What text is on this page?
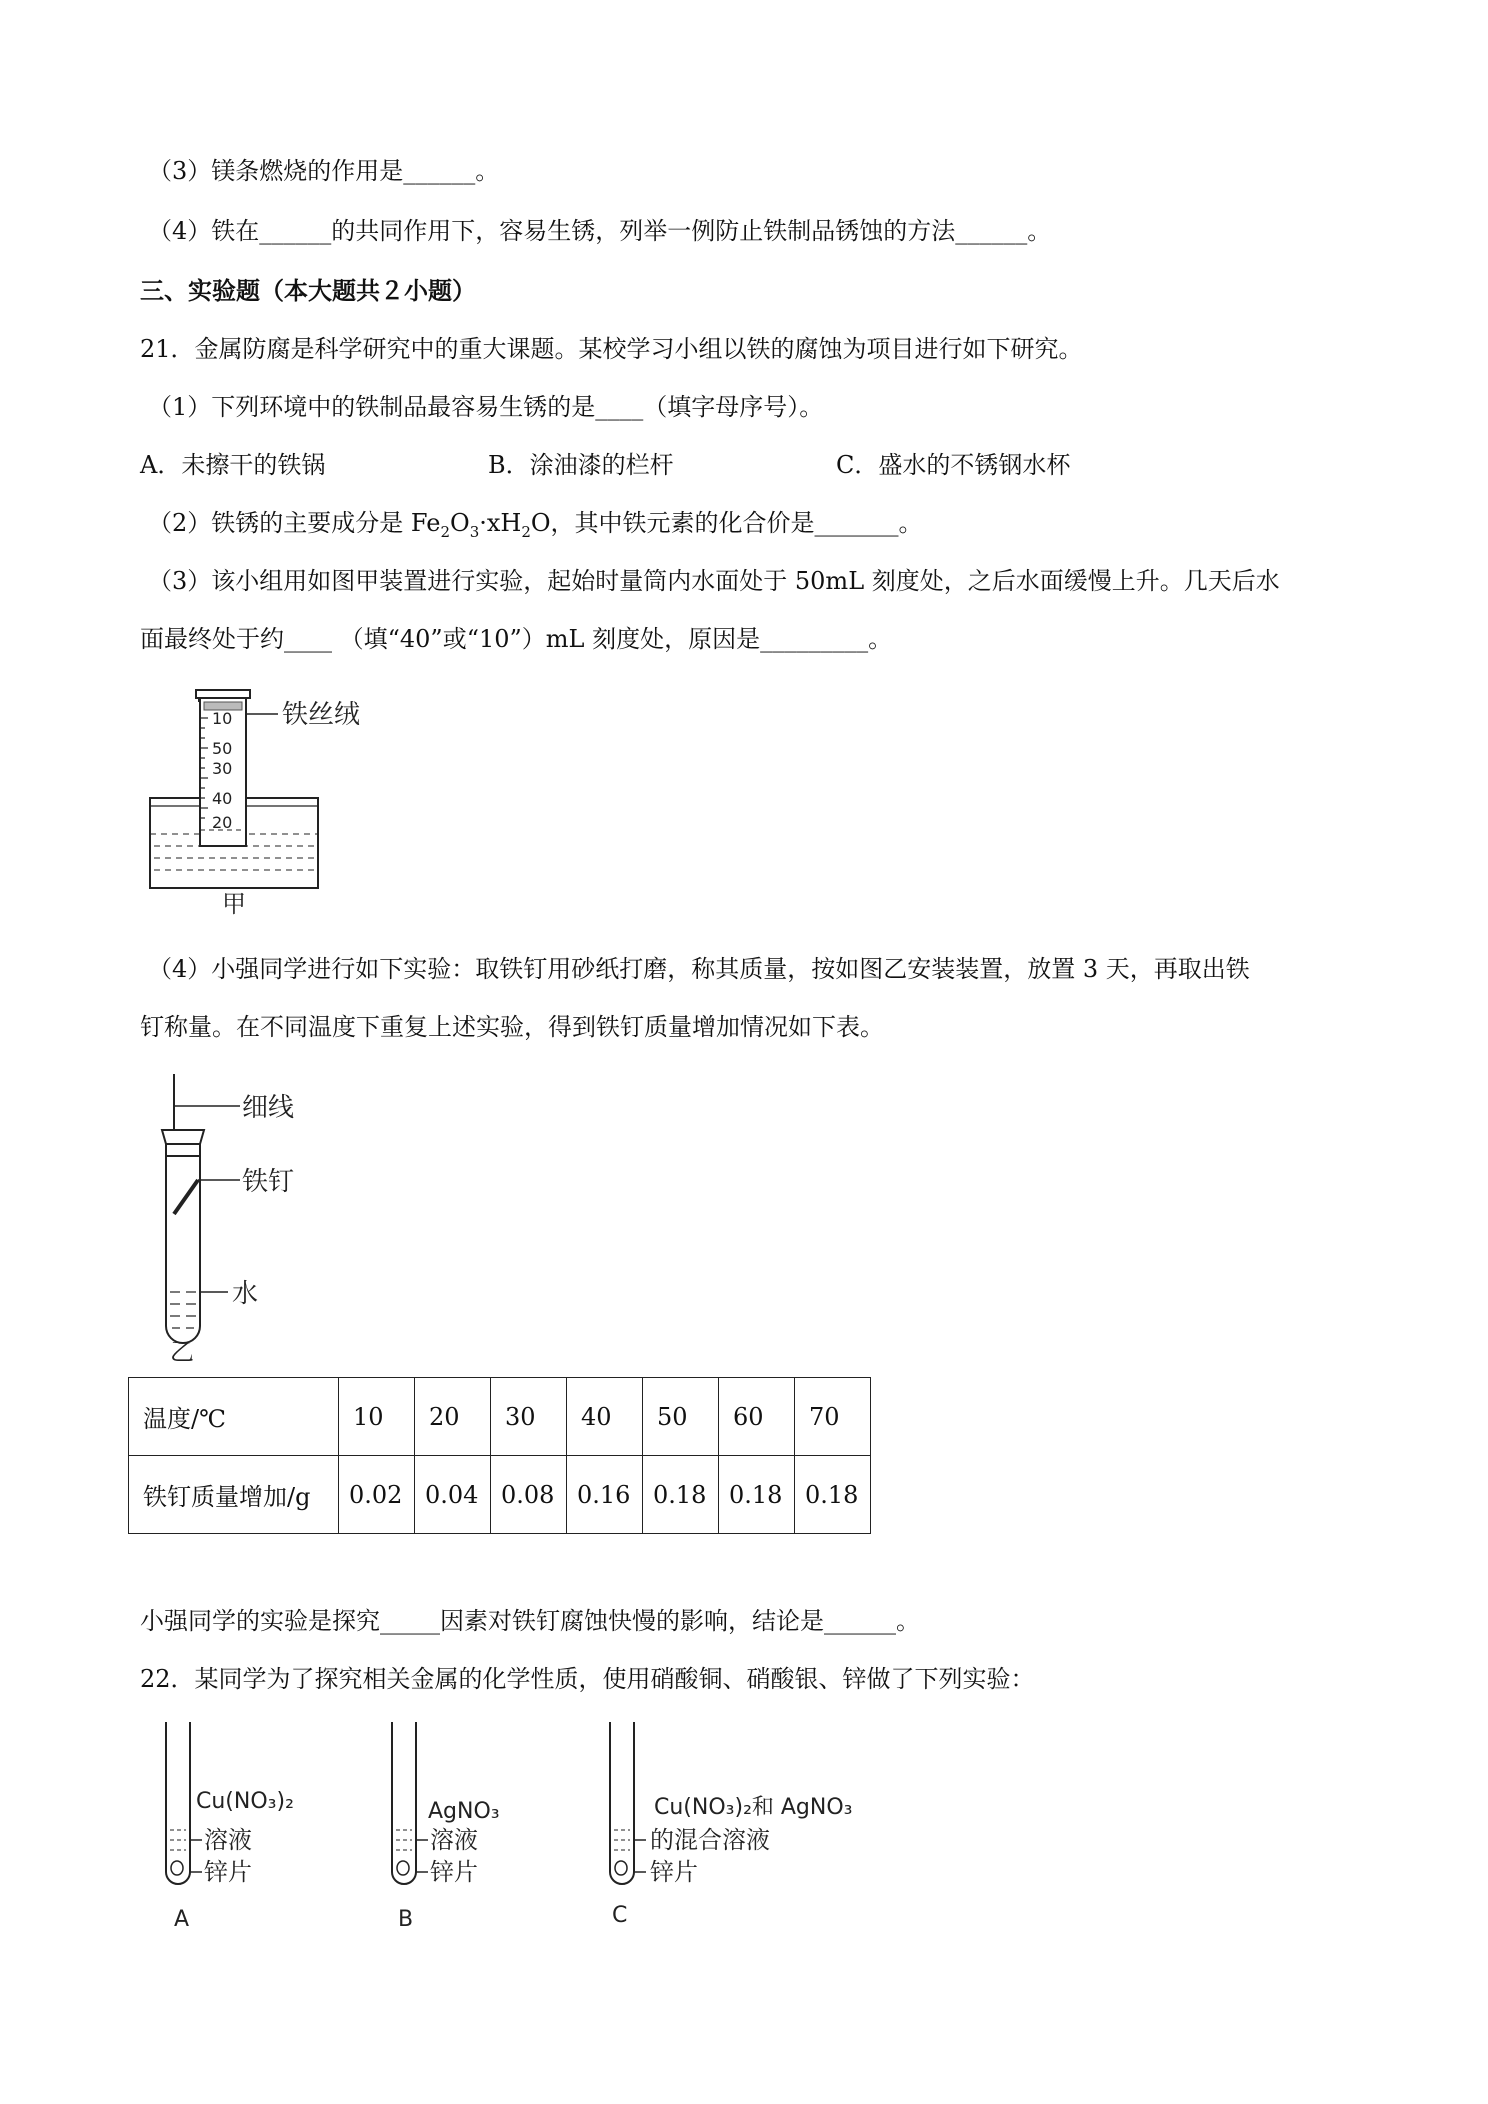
（3）镁条燃烧的作用是______。
（4）铁在______的共同作用下，容易生锈，列举一例防止铁制品锈蚀的方法______。
三、实验题（本大题共２小题）
21．金属防腐是科学研究中的重大课题。某校学习小组以铁的腐蚀为项目进行如下研究。
（1）下列环境中的铁制品最容易生锈的是____（填字母序号）。
A．未擦干的铁锅	B．涂油漆的栏杆	C．盛水的不锈钢水杯
（2）铁锈的主要成分是 $Fe_2O_3\cdot xH_2O$，其中铁元素的化合价是_______。
（3）该小组用如图甲装置进行实验，起始时量筒内水面处于 50mL 刻度处，之后水面缓慢上升。几天后水
面最终处于约____ （填“40”或“10”）mL 刻度处，原因是_________。
10
50
30
40
20
铁丝绒
甲
（4）小强同学进行如下实验：取铁钉用砂纸打磨，称其质量，按如图乙安装装置，放置 3 天，再取出铁
钉称量。在不同温度下重复上述实验，得到铁钉质量增加情况如下表。
细线
铁钉
水
乙
温度/℃	10	20	30	40	50	60	70
铁钉质量增加/g	0.02	0.04	0.08	0.16	0.18	0.18	0.18
小强同学的实验是探究_____因素对铁钉腐蚀快慢的影响，结论是______。
22．某同学为了探究相关金属的化学性质，使用硝酸铜、硝酸银、锌做了下列实验：
Cu(NO₃)₂
溶液
锌片
A
AgNO₃
溶液
锌片
B
Cu(NO₃)₂和 AgNO₃
的混合溶液
锌片
C
